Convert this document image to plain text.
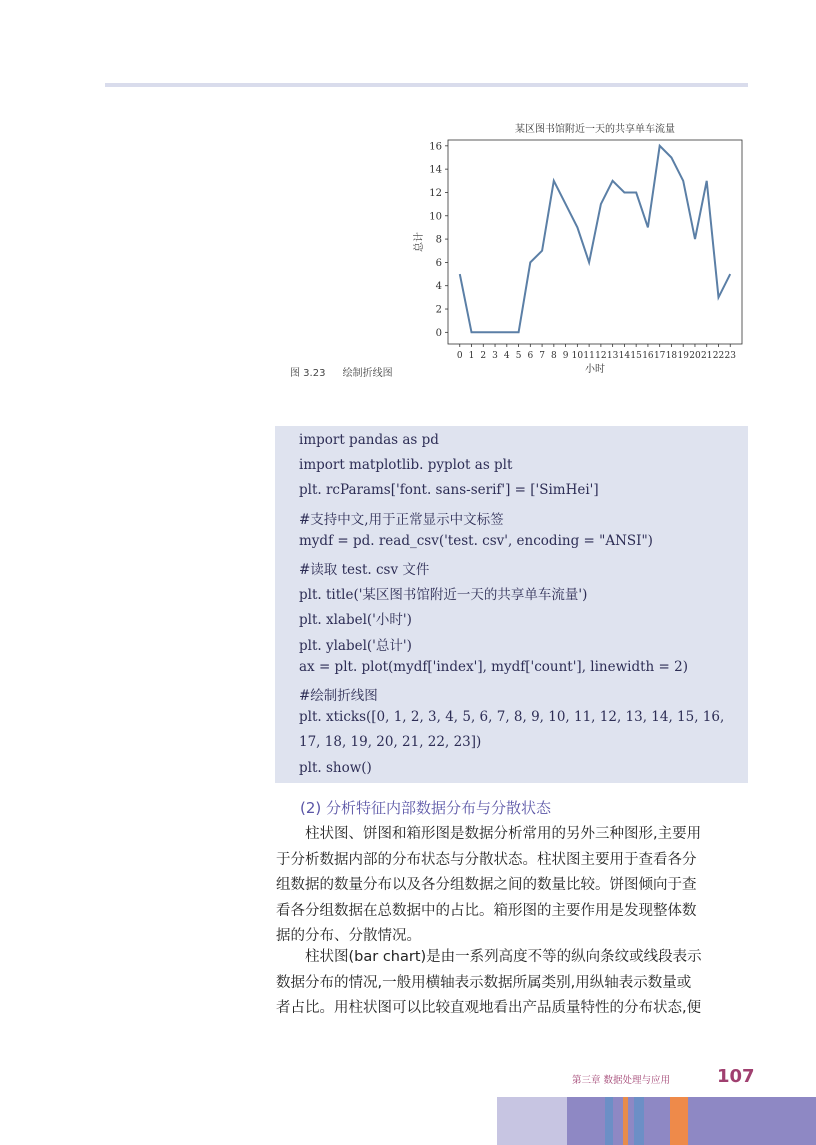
某区图书馆附近一天的共享单车流量
0
2
4
6
8
10
12
14
16
0 1 2 3 4 5 6 7 8 9 10 11 12 13 14 15 16 17 18 19 20 21 22 23
小时
总计
图 3.23 绘制折线图
import pandas as pd
import matplotlib. pyplot as plt
plt. rcParams['font. sans-serif'] = ['SimHei']
#支持中文,用于正常显示中文标签
mydf = pd. read_csv('test. csv', encoding = "ANSI")
#读取 test. csv 文件
plt. title('某区图书馆附近一天的共享单车流量')
plt. xlabel('小时')
plt. ylabel('总计')
ax = plt. plot(mydf['index'], mydf['count'], linewidth = 2)
#绘制折线图
plt. xticks([0, 1, 2, 3, 4, 5, 6, 7, 8, 9, 10, 11, 12, 13, 14, 15, 16,
17, 18, 19, 20, 21, 22, 23])
plt. show()
(2) 分析特征内部数据分布与分散状态
柱状图、饼图和箱形图是数据分析常用的另外三种图形,主要用
于分析数据内部的分布状态与分散状态。柱状图主要用于查看各分
组数据的数量分布以及各分组数据之间的数量比较。饼图倾向于查
看各分组数据在总数据中的占比。箱形图的主要作用是发现整体数
据的分布、分散情况。
柱状图(bar chart)是由一系列高度不等的纵向条纹或线段表示
数据分布的情况,一般用横轴表示数据所属类别,用纵轴表示数量或
者占比。用柱状图可以比较直观地看出产品质量特性的分布状态,便
第三章 数据处理与应用	107
